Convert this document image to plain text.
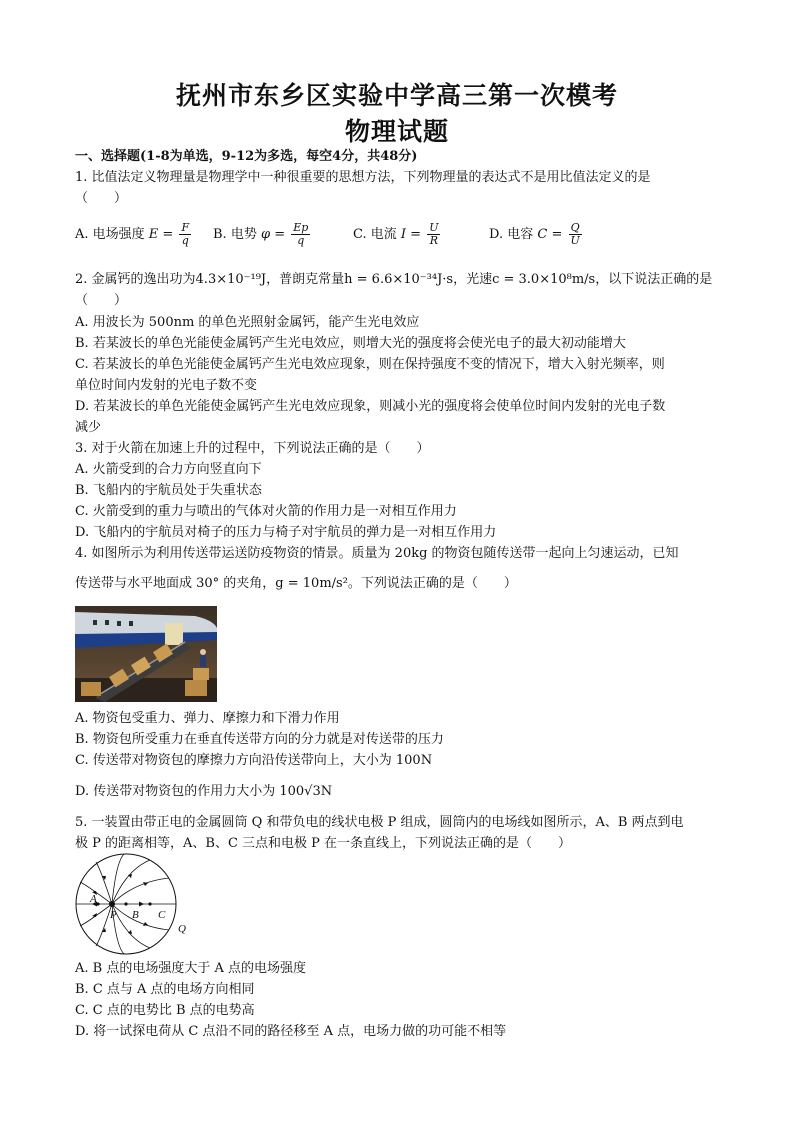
抚州市东乡区实验中学高三第一次模考
物理试题
一、选择题(1-8为单选，9-12为多选，每空4分，共48分)
1. 比值法定义物理量是物理学中一种很重要的思想方法，下列物理量的表达式不是用比值法定义的是
（　　）
A. 电场强度 $E = \frac{F}{q} B$. 电势 $\varphi = \frac{Ep}{q}$	C. 电流 $I = \frac{U}{R}$	D. 电容 $C = \frac{Q}{U}$
2. 金属钙的逸出功为4.3×10⁻¹⁹J，普朗克常量h = 6.6×10⁻³⁴J·s，光速c = 3.0×10⁸m/s，以下说法正确的是
（　　）
A. 用波长为 500nm 的单色光照射金属钙，能产生光电效应
B. 若某波长的单色光能使金属钙产生光电效应，则增大光的强度将会使光电子的最大初动能增大
C. 若某波长的单色光能使金属钙产生光电效应现象，则在保持强度不变的情况下，增大入射光频率，则
单位时间内发射的光电子数不变
D. 若某波长的单色光能使金属钙产生光电效应现象，则减小光的强度将会使单位时间内发射的光电子数
减少
3. 对于火箭在加速上升的过程中，下列说法正确的是（　　）
A. 火箭受到的合力方向竖直向下
B. 飞船内的宇航员处于失重状态
C. 火箭受到的重力与喷出的气体对火箭的作用力是一对相互作用力
D. 飞船内的宇航员对椅子的压力与椅子对宇航员的弹力是一对相互作用力
4. 如图所示为利用传送带运送防疫物资的情景。质量为 20kg 的物资包随传送带一起向上匀速运动，已知
传送带与水平地面成 30° 的夹角，g = 10m/s²。下列说法正确的是（　　）
A. 物资包受重力、弹力、摩擦力和下滑力作用
B. 物资包所受重力在垂直传送带方向的分力就是对传送带的压力
C. 传送带对物资包的摩擦力方向沿传送带向上，大小为 100N
D. 传送带对物资包的作用力大小为 100√3N
5. 一装置由带正电的金属圆筒 Q 和带负电的线状电极 P 组成，圆筒内的电场线如图所示，A、B 两点到电
极 P 的距离相等，A、B、C 三点和电极 P 在一条直线上，下列说法正确的是（　　）
A
P B C
Q
A. B 点的电场强度大于 A 点的电场强度
B. C 点与 A 点的电场方向相同
C. C 点的电势比 B 点的电势高
D. 将一试探电荷从 C 点沿不同的路径移至 A 点，电场力做的功可能不相等
